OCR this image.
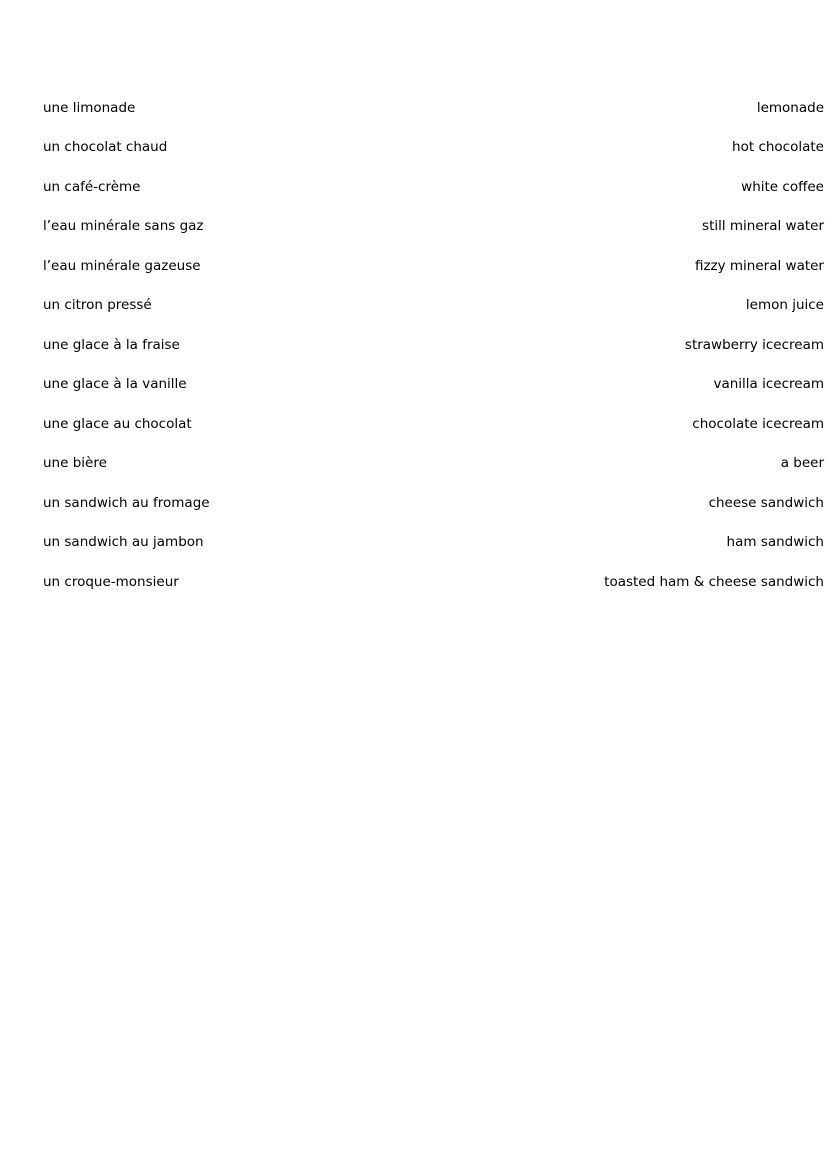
une limonade	lemonade
un chocolat chaud	hot chocolate
un café-crème	white coffee
l’eau minérale sans gaz	still mineral water
l’eau minérale gazeuse	fizzy mineral water
un citron pressé	lemon juice
une glace à la fraise	strawberry icecream
une glace à la vanille	vanilla icecream
une glace au chocolat	chocolate icecream
une bière	a beer
un sandwich au fromage	cheese sandwich
un sandwich au jambon	ham sandwich
un croque-monsieur	toasted ham & cheese sandwich
